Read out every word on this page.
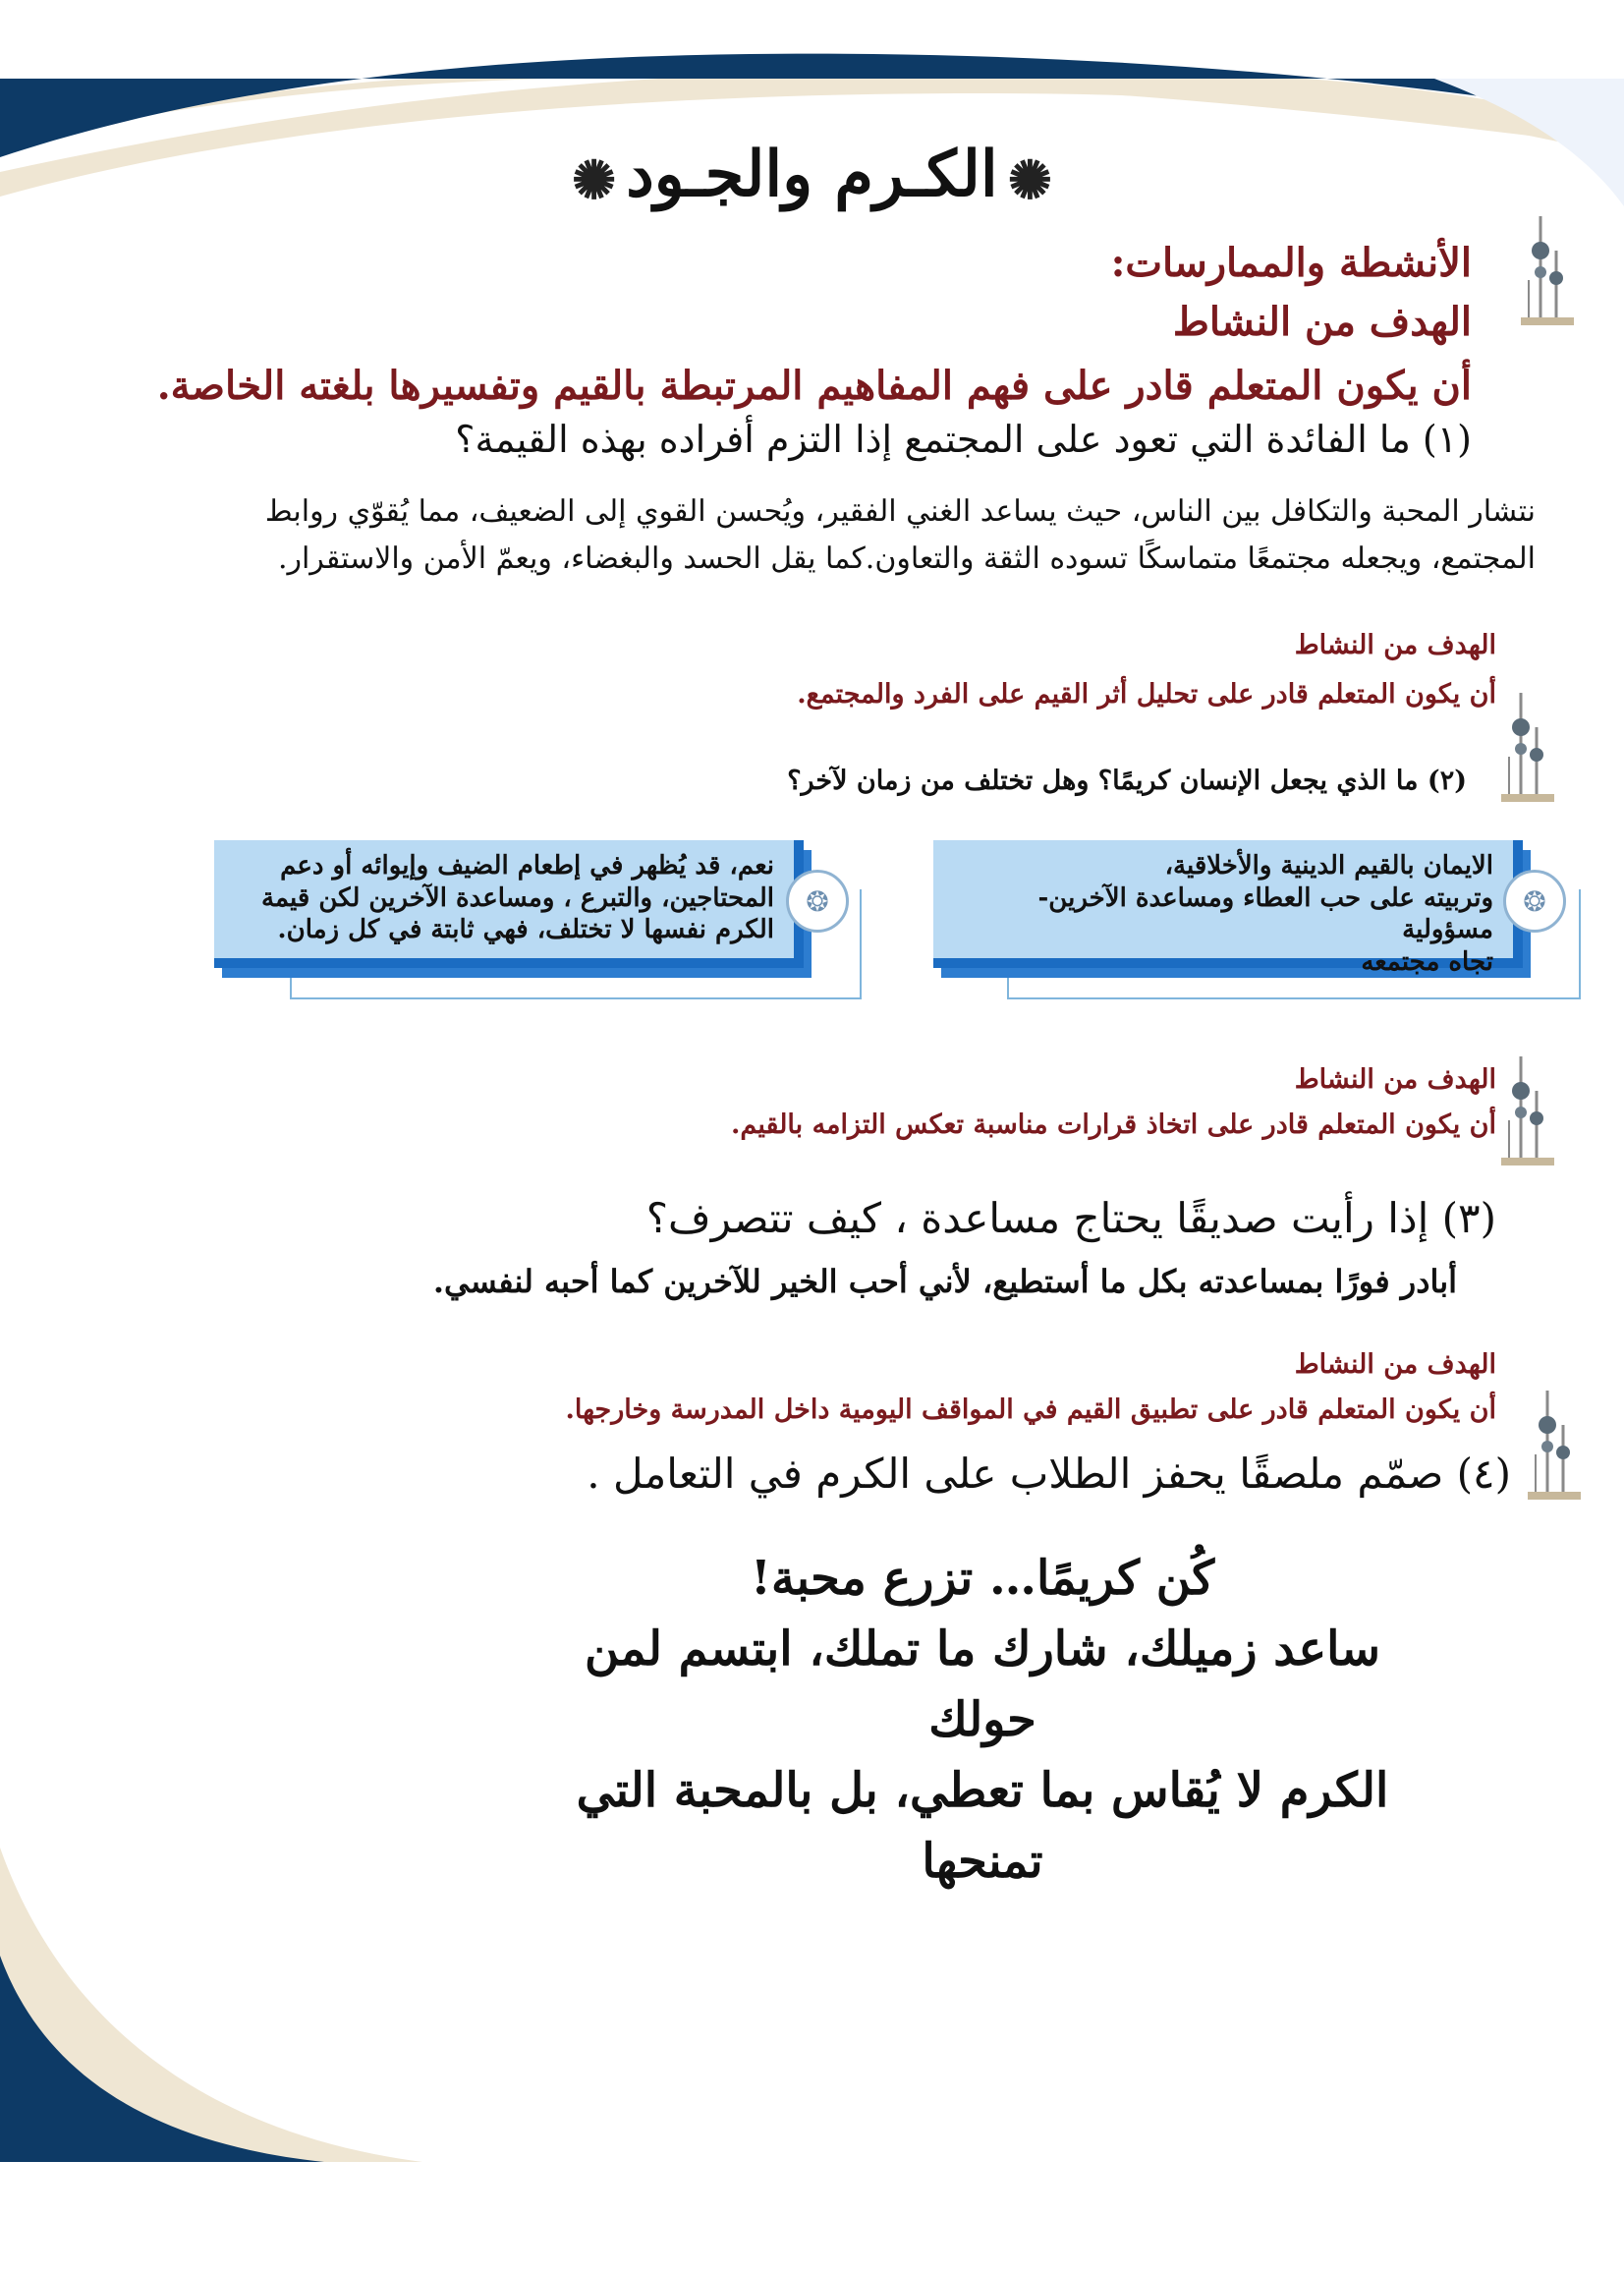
✺الكـرم والجـود✺
الأنشطة والممارسات:
الهدف من النشاط
أن يكون المتعلم قادر على فهم المفاهيم المرتبطة بالقيم وتفسيرها بلغته الخاصة.
(١) ما الفائدة التي تعود على المجتمع إذا التزم أفراده بهذه القيمة؟
نتشار المحبة والتكافل بين الناس، حيث يساعد الغني الفقير، ويُحسن القوي إلى الضعيف، مما يُقوّي روابط
المجتمع، ويجعله مجتمعًا متماسكًا تسوده الثقة والتعاون.كما يقل الحسد والبغضاء، ويعمّ الأمن والاستقرار.
الهدف من النشاط
أن يكون المتعلم قادر على تحليل أثر القيم على الفرد والمجتمع.
(٢) ما الذي يجعل الإنسان كريمًا؟ وهل تختلف من زمان لآخر؟
الايمان بالقيم الدينية والأخلاقية،
وتربيته على حب العطاء ومساعدة الآخرين- مسؤولية
تجاه مجتمعه
❂
نعم، قد يُظهر في إطعام الضيف وإيوائه أو دعم
المحتاجين، والتبرع ، ومساعدة الآخرين لكن قيمة
الكرم نفسها لا تختلف، فهي ثابتة في كل زمان.
❂
الهدف من النشاط
أن يكون المتعلم قادر على اتخاذ قرارات مناسبة تعكس التزامه بالقيم.
(٣) إذا رأيت صديقًا يحتاج مساعدة ، كيف تتصرف؟
أبادر فورًا بمساعدته بكل ما أستطيع، لأني أحب الخير للآخرين كما أحبه لنفسي.
الهدف من النشاط
أن يكون المتعلم قادر على تطبيق القيم في المواقف اليومية داخل المدرسة وخارجها.
(٤) صمّم ملصقًا يحفز الطلاب على الكرم في التعامل .
كُن كريمًا… تزرع محبة!
ساعد زميلك، شارك ما تملك، ابتسم لمن حولك
الكرم لا يُقاس بما تعطي، بل بالمحبة التي تمنحها
